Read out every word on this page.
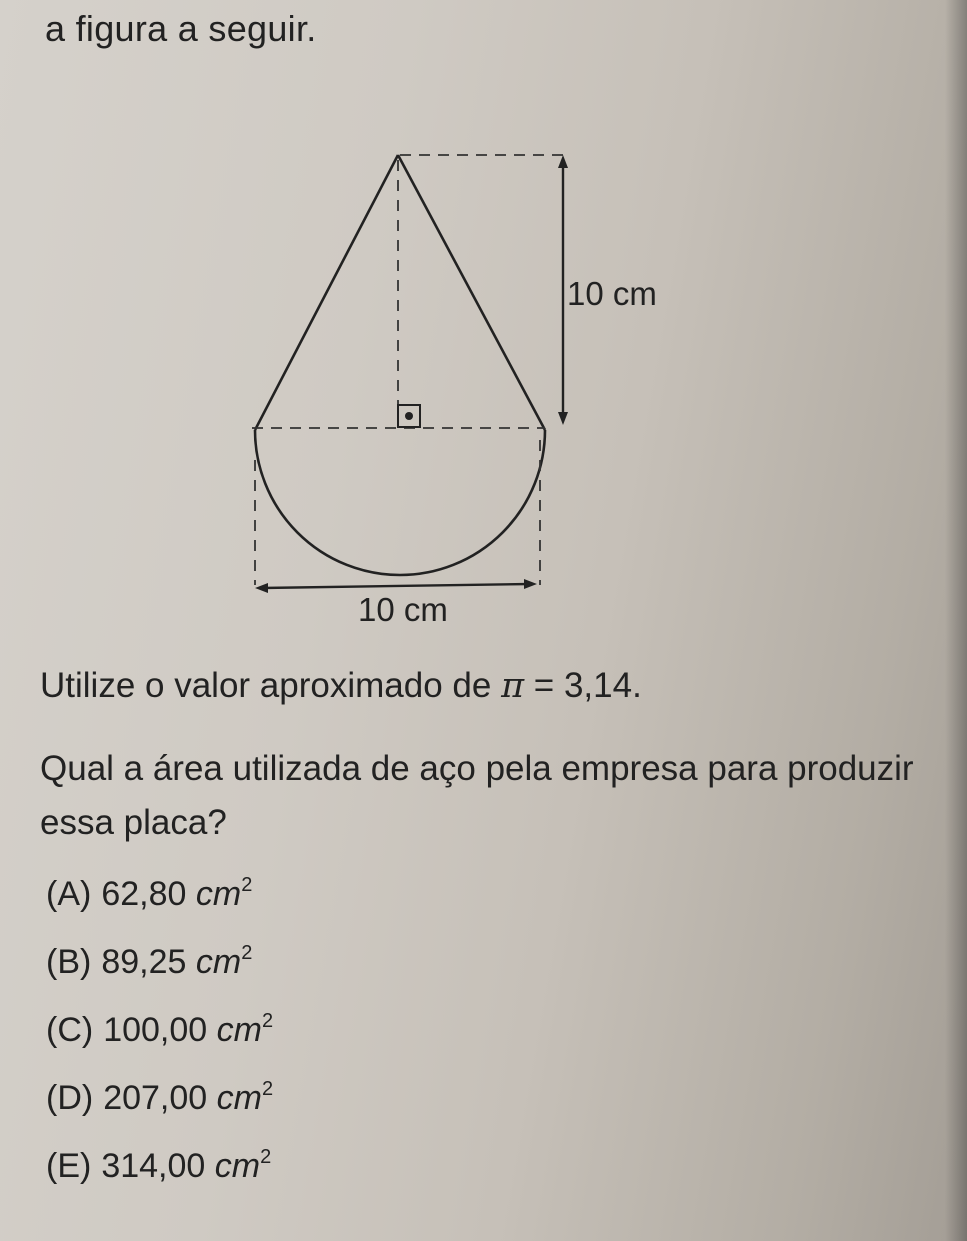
a figura a seguir.
10 cm
10 cm
Utilize o valor aproximado de π = 3,14.
Qual a área utilizada de aço pela empresa para produzir essa placa?
(A) 62,80 $cm^2$
(B) 89,25 $cm^2$
(C) 100,00 $cm^2$
(D) 207,00 $cm^2$
(E) 314,00 $cm^2$
